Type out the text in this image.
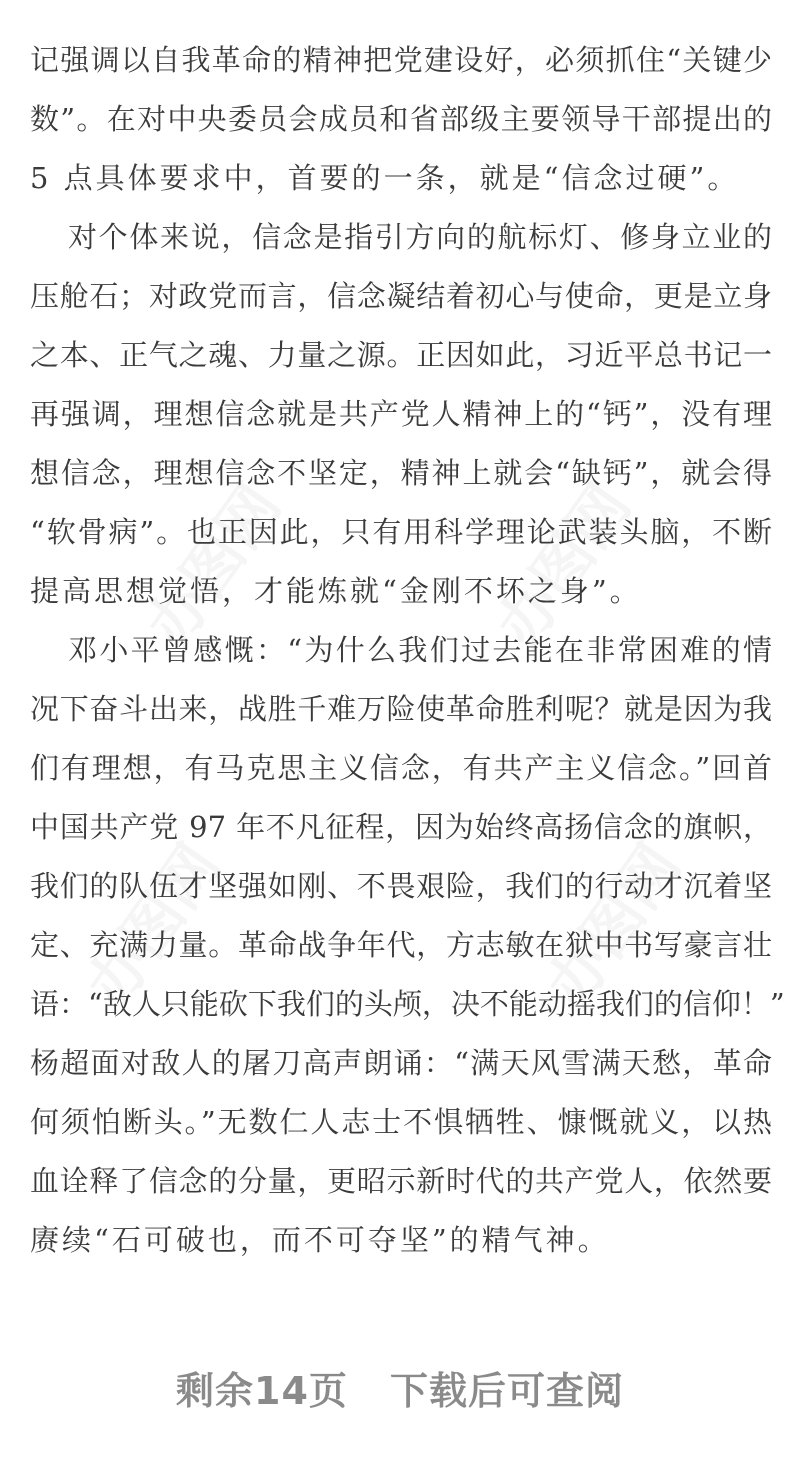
办图网	办图网
办图网	办图网
记强调以自我革命的精神把党建设好，必须抓住“关键少
数”。在对中央委员会成员和省部级主要领导干部提出的
5 点具体要求中，首要的一条，就是“信念过硬”。
对个体来说，信念是指引方向的航标灯、修身立业的
压舱石；对政党而言，信念凝结着初心与使命，更是立身
之本、正气之魂、力量之源。正因如此，习近平总书记一
再强调，理想信念就是共产党人精神上的“钙”，没有理
想信念，理想信念不坚定，精神上就会“缺钙”，就会得
“软骨病”。也正因此，只有用科学理论武装头脑，不断
提高思想觉悟，才能炼就“金刚不坏之身”。
邓小平曾感慨：“为什么我们过去能在非常困难的情
况下奋斗出来，战胜千难万险使革命胜利呢？就是因为我
们有理想，有马克思主义信念，有共产主义信念。”回首
中国共产党 97 年不凡征程，因为始终高扬信念的旗帜，
我们的队伍才坚强如刚、不畏艰险，我们的行动才沉着坚
定、充满力量。革命战争年代，方志敏在狱中书写豪言壮
语：“敌人只能砍下我们的头颅，决不能动摇我们的信仰！”
杨超面对敌人的屠刀高声朗诵：“满天风雪满天愁，革命
何须怕断头。”无数仁人志士不惧牺牲、慷慨就义，以热
血诠释了信念的分量，更昭示新时代的共产党人，依然要
赓续“石可破也，而不可夺坚”的精气神。
剩余14页 下载后可查阅
